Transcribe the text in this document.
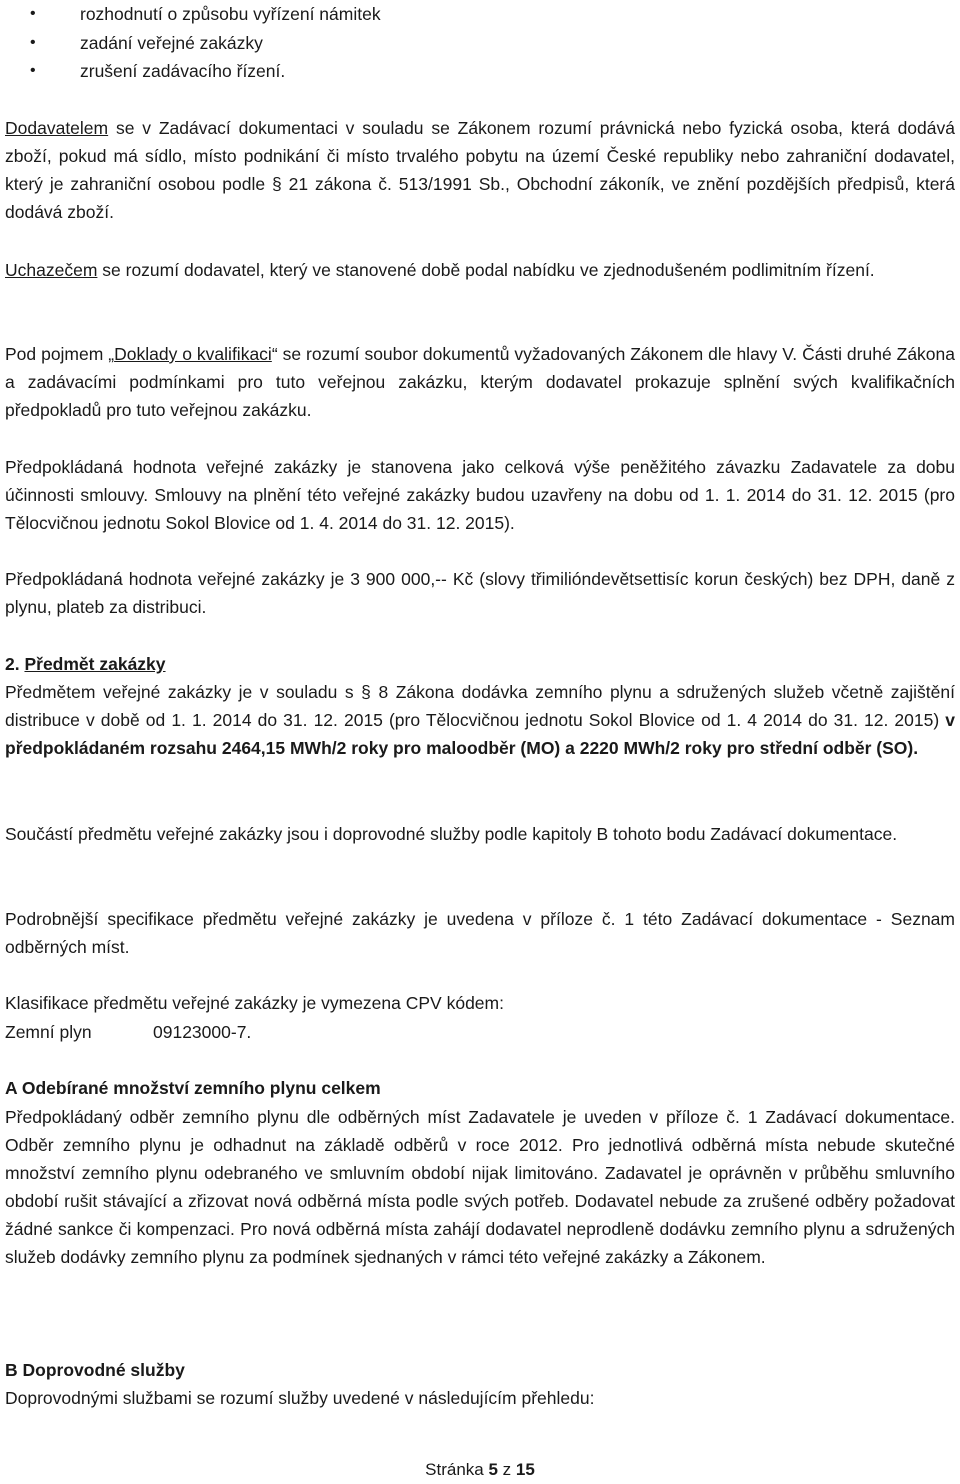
• rozhodnutí o způsobu vyřízení námitek
• zadání veřejné zakázky
• zrušení zadávacího řízení.

Dodavatelem se v Zadávací dokumentaci v souladu se Zákonem rozumí právnická nebo fyzická osoba, která dodává zboží, pokud má sídlo, místo podnikání či místo trvalého pobytu na území České republiky nebo zahraniční dodavatel, který je zahraniční osobou podle § 21 zákona č. 513/1991 Sb., Obchodní zákoník, ve znění pozdějších předpisů, která dodává zboží.

Uchazečem se rozumí dodavatel, který ve stanovené době podal nabídku ve zjednodušeném podlimitním řízení.

Pod pojmem „Doklady o kvalifikaci“ se rozumí soubor dokumentů vyžadovaných Zákonem dle hlavy V. Části druhé Zákona a zadávacími podmínkami pro tuto veřejnou zakázku, kterým dodavatel prokazuje splnění svých kvalifikačních předpokladů pro tuto veřejnou zakázku.

Předpokládaná hodnota veřejné zakázky je stanovena jako celková výše peněžitého závazku Zadavatele za dobu účinnosti smlouvy. Smlouvy na plnění této veřejné zakázky budou uzavřeny na dobu od 1. 1. 2014 do 31. 12. 2015 (pro Tělocvičnou jednotu Sokol Blovice od 1. 4. 2014 do 31. 12. 2015).

Předpokládaná hodnota veřejné zakázky je 3 900 000,-- Kč (slovy třimilióndevětsettisíc korun českých) bez DPH, daně z plynu, plateb za distribuci.

2. Předmět zakázky

Předmětem veřejné zakázky je v souladu s § 8 Zákona dodávka zemního plynu a sdružených služeb včetně zajištění distribuce v době od 1. 1. 2014 do 31. 12. 2015 (pro Tělocvičnou jednotu Sokol Blovice od 1. 4 2014 do 31. 12. 2015) v předpokládaném rozsahu 2464,15 MWh/2 roky pro maloodběr (MO) a 2220 MWh/2 roky pro střední odběr (SO).

Součástí předmětu veřejné zakázky jsou i doprovodné služby podle kapitoly B tohoto bodu Zadávací dokumentace.

Podrobnější specifikace předmětu veřejné zakázky je uvedena v příloze č. 1 této Zadávací dokumentace - Seznam odběrných míst.

Klasifikace předmětu veřejné zakázky je vymezena CPV kódem:

Zemní plyn	09123000-7.

A Odebírané množství zemního plynu celkem

Předpokládaný odběr zemního plynu dle odběrných míst Zadavatele je uveden v příloze č. 1 Zadávací dokumentace. Odběr zemního plynu je odhadnut na základě odběrů v roce 2012. Pro jednotlivá odběrná místa nebude skutečné množství zemního plynu odebraného ve smluvním období nijak limitováno. Zadavatel je oprávněn v průběhu smluvního období rušit stávající a zřizovat nová odběrná místa podle svých potřeb. Dodavatel nebude za zrušené odběry požadovat žádné sankce či kompenzaci. Pro nová odběrná místa zahájí dodavatel neprodleně dodávku zemního plynu a sdružených služeb dodávky zemního plynu za podmínek sjednaných v rámci této veřejné zakázky a Zákonem.

B Doprovodné služby

Doprovodnými službami se rozumí služby uvedené v následujícím přehledu:

Stránka 5 z 15
